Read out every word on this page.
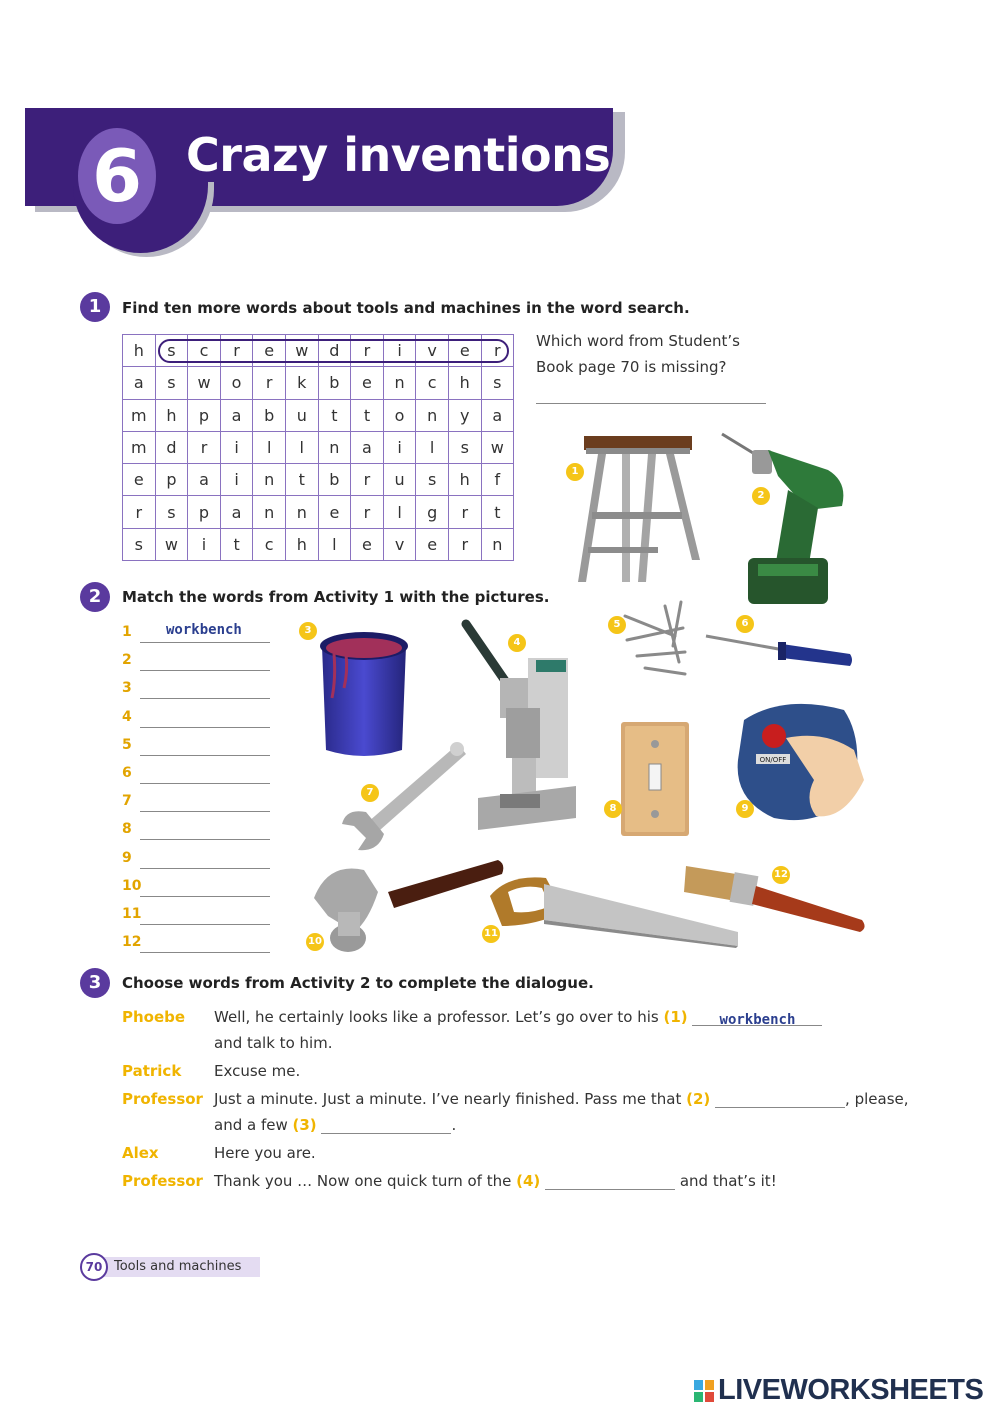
6 Crazy inventions
1	Find ten more words about tools and machines in the word search.
h	s	c	r	e	w	d	r	i	v	e	r
a	s	w	o	r	k	b	e	n	c	h	s
m	h	p	a	b	u	t	t	o	n	y	a
m	d	r	i	l	l	n	a	i	l	s	w
e	p	a	i	n	t	b	r	u	s	h	f
r	s	p	a	n	n	e	r	l	g	r	t
s	w	i	t	c	h	l	e	v	e	r	n
Which word from Student’s Book page 70 is missing?
1
2
2	Match the words from Activity 1 with the pictures.
1	workbench
2
3
4
5
6
7
8
9
10
11
12
3
4
5	6
7
8
ON/OFF
9
10
11
12
3	Choose words from Activity 2 to complete the dialogue.
Phoebe Well, he certainly looks like a professor. Let’s go over to his (1) workbench
and talk to him.
Patrick Excuse me.
Professor Just a minute. Just a minute. I’ve nearly finished. Pass me that (2)	, please,
and a few (3)	.
Alex	Here you are.
Professor Thank you … Now one quick turn of the (4)	and that’s it!
70 Tools and machines
LIVEWORKSHEETS
